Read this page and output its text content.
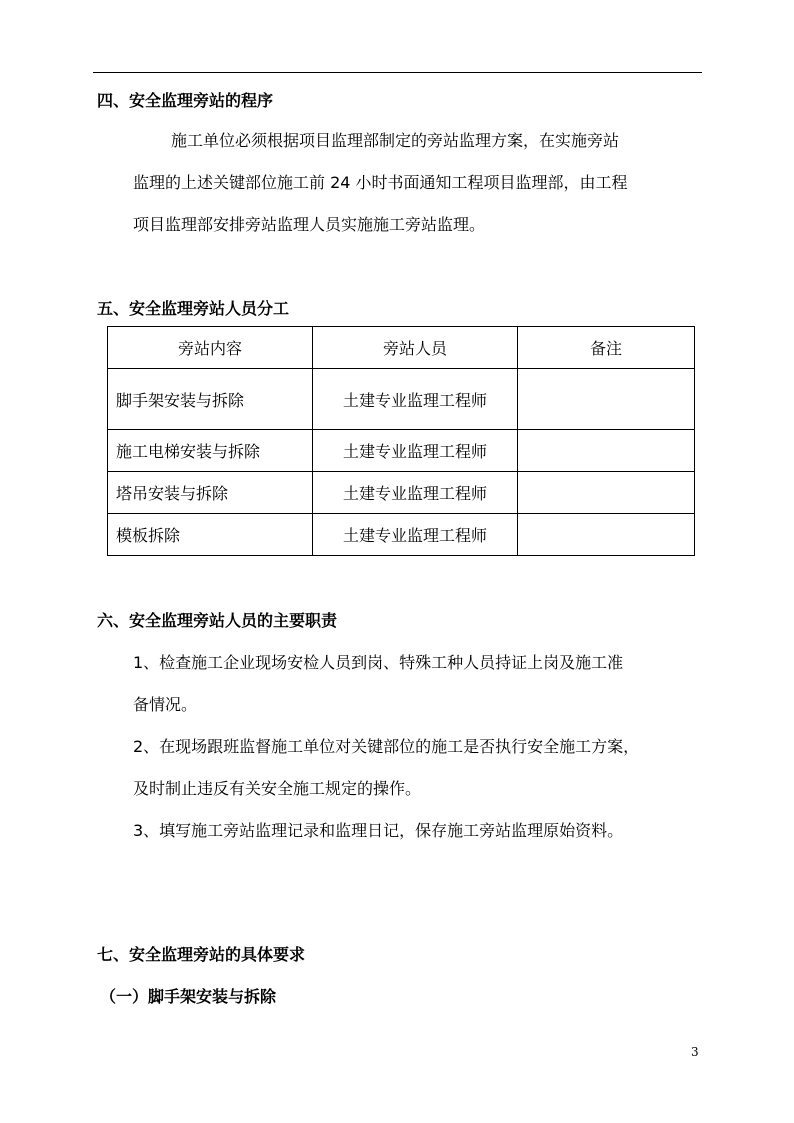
四、安全监理旁站的程序
施工单位必须根据项目监理部制定的旁站监理方案，在实施旁站
监理的上述关键部位施工前 24 小时书面通知工程项目监理部，由工程
项目监理部安排旁站监理人员实施施工旁站监理。
五、安全监理旁站人员分工
旁站内容	旁站人员	备注
脚手架安装与拆除	土建专业监理工程师	
施工电梯安装与拆除	土建专业监理工程师	
塔吊安装与拆除	土建专业监理工程师	
模板拆除	土建专业监理工程师	
六、安全监理旁站人员的主要职责
1、检查施工企业现场安检人员到岗、特殊工种人员持证上岗及施工准
备情况。
2、在现场跟班监督施工单位对关键部位的施工是否执行安全施工方案，
及时制止违反有关安全施工规定的操作。
3、填写施工旁站监理记录和监理日记，保存施工旁站监理原始资料。
七、安全监理旁站的具体要求
（一）脚手架安装与拆除
3
